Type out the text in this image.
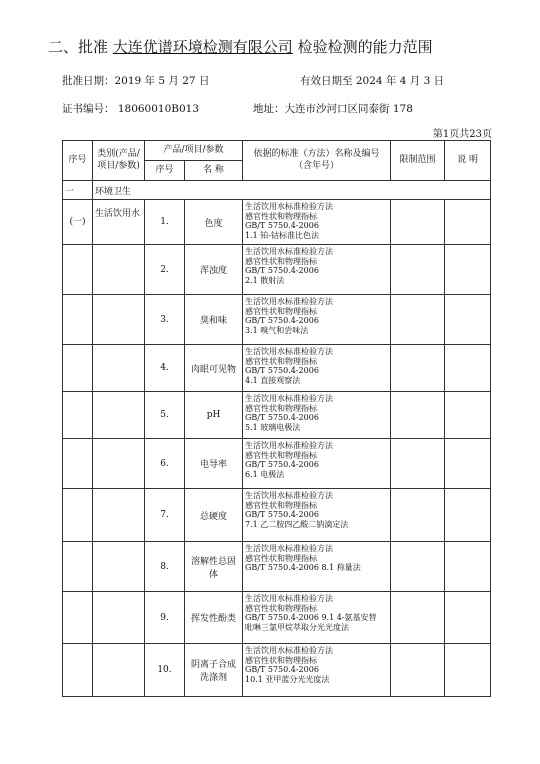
二、批准 大连优谱环境检测有限公司 检验检测的能力范围
批准日期：2019 年 5 月 27 日	有效日期至 2024 年 4 月 3 日
证书编号： 18060010B013	地址：大连市沙河口区同泰街 178
第1页共23页
序号	类别(产品/项目/参数)	产品/项目/参数		依据的标准（方法）名称及编号（含年号）	限制范围	说 明
		序号	名 称			
一	环境卫生					
(一)	生活饮用水	1.	色度	生活饮用水标准检验方法
感官性状和物理指标
GB/T 5750.4-2006
1.1 铂-钴标准比色法		

		2.	浑浊度	生活饮用水标准检验方法
感官性状和物理指标
GB/T 5750.4-2006
2.1 散射法		

		3.	臭和味	生活饮用水标准检验方法
感官性状和物理指标
GB/T 5750.4-2006
3.1 嗅气和尝味法		

		4.	肉眼可见物	生活饮用水标准检验方法
感官性状和物理指标
GB/T 5750.4-2006
4.1 直接观察法		

		5.	pH	生活饮用水标准检验方法
感官性状和物理指标
GB/T 5750.4-2006
5.1 玻璃电极法		

		6.	电导率	生活饮用水标准检验方法
感官性状和物理指标
GB/T 5750.4-2006
6.1 电极法		

		7.	总硬度	生活饮用水标准检验方法
感官性状和物理指标
GB/T 5750.4-2006
7.1 乙二胺四乙酸二钠滴定法		

		8.	溶解性总固体	生活饮用水标准检验方法
感官性状和物理指标
GB/T 5750.4-2006 8.1 称量法		

		9.	挥发性酚类	生活饮用水标准检验方法
感官性状和物理指标
GB/T 5750.4-2006 9.1 4-氨基安替
吡啉三氯甲烷萃取分光光度法		

		10.	阴离子合成洗涤剂	生活饮用水标准检验方法
感官性状和物理指标
GB/T 5750.4-2006
10.1 亚甲蓝分光光度法		
